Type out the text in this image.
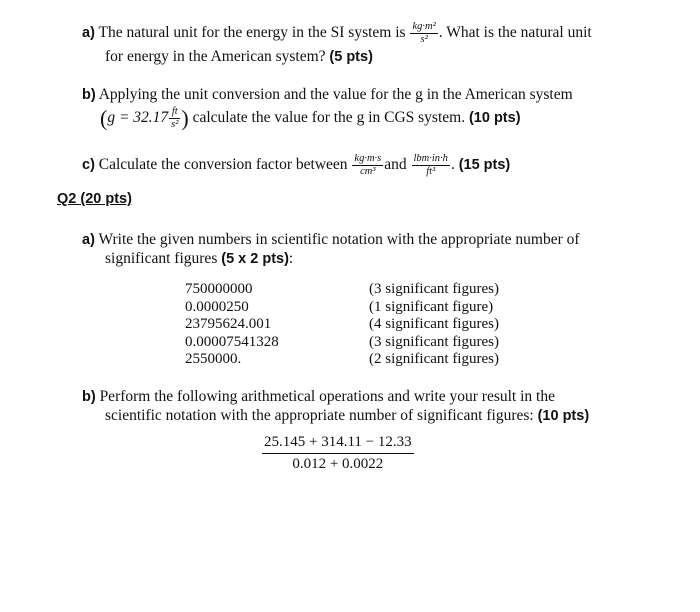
a) The natural unit for the energy in the SI system is $\frac{\text{kg·m²}}{\text{s²}}$ . What is the natural unit
for energy in the American system? (5 pts)
b) Applying the unit conversion and the value for the g in the American system
($g = 32.17 \frac{ft}{\text{s²}}$ ) calculate the value for the g in CGS system. (10 pts)
c) Calculate the conversion factor between $\frac{kg\cdot m\cdot s}{\text{cm³}}$ and $\frac{\text{lbm·in·h}}{\text{ft³}}$ . (15 pts)
Q2 (20 pts)
a) Write the given numbers in scientific notation with the appropriate number of
significant figures (5 x 2 pts):
750000000
0.0000250
23795624.001
0.00007541328
2550000.
(3 significant figures)
(1 significant figure)
(4 significant figures)
(3 significant figures)
(2 significant figures)
b) Perform the following arithmetical operations and write your result in the
scientific notation with the appropriate number of significant figures: (10 pts)
$\frac{25.145 + 314.11 - 12.33}{0.012 + 0.0022}$
